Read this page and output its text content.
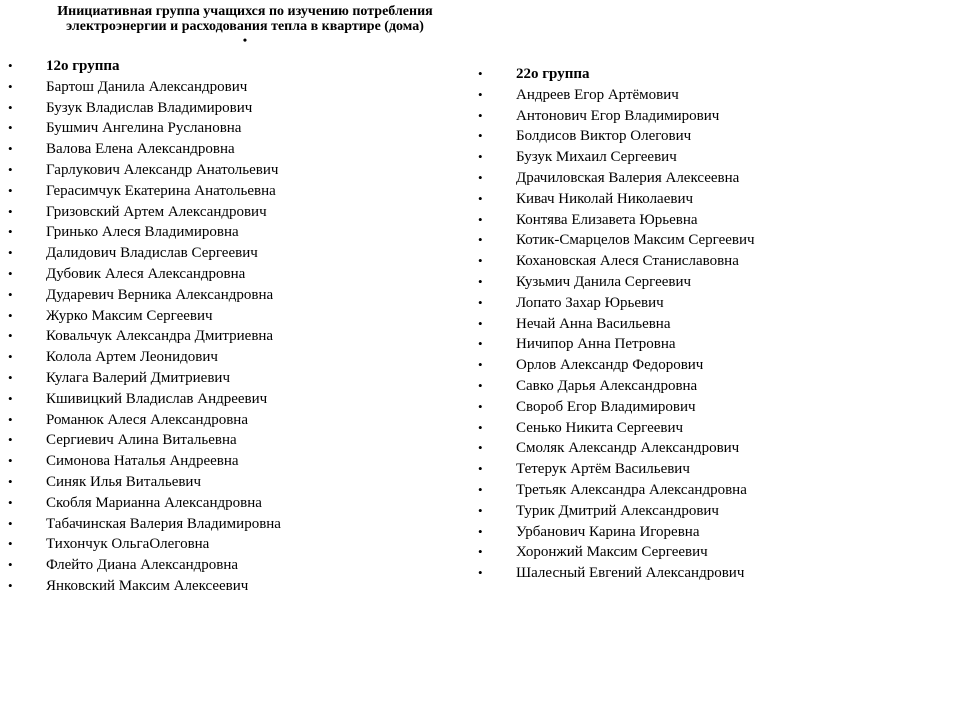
Инициативная группа учащихся по изучению потребления
электроэнергии и расходования тепла в квартире (дома)
•
• 12о группа
• Бартош Данила Александрович
• Бузук Владислав Владимирович
• Бушмич Ангелина Руслановна
• Валова Елена Александровна
• Гарлукович Александр Анатольевич
• Герасимчук Екатерина Анатольевна
• Гризовский Артем Александрович
• Гринько Алеся Владимировна
• Далидович Владислав Сергеевич
• Дубовик Алеся Александровна
• Дударевич Верника Александровна
• Журко Максим Сергеевич
• Ковальчук Александра Дмитриевна
• Колола Артем Леонидович
• Кулага Валерий Дмитриевич
• Кшивицкий Владислав Андреевич
• Романюк Алеся Александровна
• Сергиевич Алина Витальевна
• Симонова Наталья Андреевна
• Синяк Илья Витальевич
• Скобля Марианна Александровна
• Табачинская Валерия Владимировна
• Тихончук ОльгаОлеговна
• Флейто Диана Александровна
• Янковский Максим Алексеевич
• 22о группа
• Андреев Егор Артёмович
• Антонович Егор Владимирович
• Болдисов Виктор Олегович
• Бузук Михаил Сергеевич
• Драчиловская Валерия Алексеевна
• Кивач Николай Николаевич
• Контява Елизавета Юрьевна
• Котик-Смарцелов Максим Сергеевич
• Кохановская Алеся Станиславовна
• Кузьмич Данила Сергеевич
• Лопато Захар Юрьевич
• Нечай Анна Васильевна
• Ничипор Анна Петровна
• Орлов Александр Федорович
• Савко Дарья Александровна
• Свороб Егор Владимирович
• Сенько Никита Сергеевич
• Смоляк Александр Александрович
• Тетерук Артём Васильевич
• Третьяк Александра Александровна
• Турик Дмитрий Александрович
• Урбанович Карина Игоревна
• Хоронжий Максим Сергеевич
• Шалесный Евгений Александрович
